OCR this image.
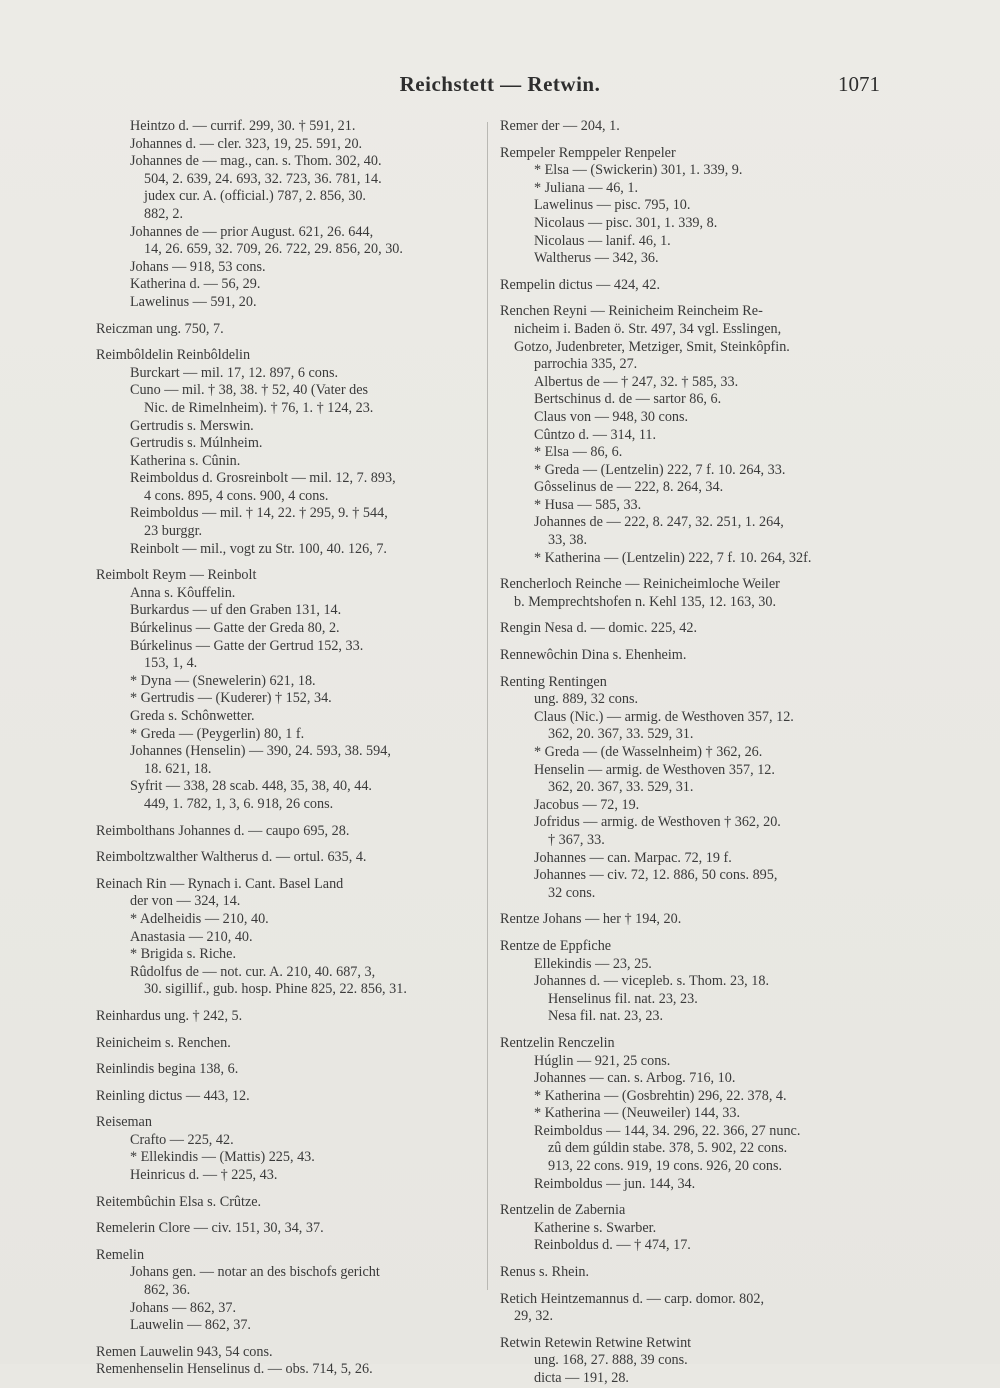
Reichstett — Retwin.	1071
Heintzo d. — currif. 299, 30. † 591, 21.
Johannes d. — cler. 323, 19, 25. 591, 20.
Johannes de — mag., can. s. Thom. 302, 40.
504, 2. 639, 24. 693, 32. 723, 36. 781, 14.
judex cur. A. (official.) 787, 2. 856, 30.
882, 2.
Johannes de — prior August. 621, 26. 644,
14, 26. 659, 32. 709, 26. 722, 29. 856, 20, 30.
Johans — 918, 53 cons.
Katherina d. — 56, 29.
Lawelinus — 591, 20.
Reiczman ung. 750, 7.
Reimbôldelin Reinbôldelin
Burckart — mil. 17, 12. 897, 6 cons.
Cuno — mil. † 38, 38. † 52, 40 (Vater des
Nic. de Rimelnheim). † 76, 1. † 124, 23.
Gertrudis s. Merswin.
Gertrudis s. Múlnheim.
Katherina s. Cûnin.
Reimboldus d. Grosreinbolt — mil. 12, 7. 893,
4 cons. 895, 4 cons. 900, 4 cons.
Reimboldus — mil. † 14, 22. † 295, 9. † 544,
23 burggr.
Reinbolt — mil., vogt zu Str. 100, 40. 126, 7.
Reimbolt Reym — Reinbolt
Anna s. Kôuffelin.
Burkardus — uf den Graben 131, 14.
Búrkelinus — Gatte der Greda 80, 2.
Búrkelinus — Gatte der Gertrud 152, 33.
153, 1, 4.
* Dyna — (Snewelerin) 621, 18.
* Gertrudis — (Kuderer) † 152, 34.
Greda s. Schônwetter.
* Greda — (Peygerlin) 80, 1 f.
Johannes (Henselin) — 390, 24. 593, 38. 594,
18. 621, 18.
Syfrit — 338, 28 scab. 448, 35, 38, 40, 44.
449, 1. 782, 1, 3, 6. 918, 26 cons.
Reimbolthans Johannes d. — caupo 695, 28.
Reimboltzwalther Waltherus d. — ortul. 635, 4.
Reinach Rin — Rynach i. Cant. Basel Land
der von — 324, 14.
* Adelheidis — 210, 40.
Anastasia — 210, 40.
* Brigida s. Riche.
Rûdolfus de — not. cur. A. 210, 40. 687, 3,
30. sigillif., gub. hosp. Phine 825, 22. 856, 31.
Reinhardus ung. † 242, 5.
Reinicheim s. Renchen.
Reinlindis begina 138, 6.
Reinling dictus — 443, 12.
Reiseman
Crafto — 225, 42.
* Ellekindis — (Mattis) 225, 43.
Heinricus d. — † 225, 43.
Reitembûchin Elsa s. Crûtze.
Remelerin Clore — civ. 151, 30, 34, 37.
Remelin
Johans gen. — notar an des bischofs gericht
862, 36.
Johans — 862, 37.
Lauwelin — 862, 37.
Remen Lauwelin 943, 54 cons.
Remenhenselin Henselinus d. — obs. 714, 5, 26.
Remer der — 204, 1.
Rempeler Remppeler Renpeler
* Elsa — (Swickerin) 301, 1. 339, 9.
* Juliana — 46, 1.
Lawelinus — pisc. 795, 10.
Nicolaus — pisc. 301, 1. 339, 8.
Nicolaus — lanif. 46, 1.
Waltherus — 342, 36.
Rempelin dictus — 424, 42.
Renchen Reyni — Reinicheim Reincheim Re-
nicheim i. Baden ö. Str. 497, 34 vgl. Esslingen,
Gotzo, Judenbreter, Metziger, Smit, Steinkôpfin.
parrochia 335, 27.
Albertus de — † 247, 32. † 585, 33.
Bertschinus d. de — sartor 86, 6.
Claus von — 948, 30 cons.
Cûntzo d. — 314, 11.
* Elsa — 86, 6.
* Greda — (Lentzelin) 222, 7 f. 10. 264, 33.
Gôsselinus de — 222, 8. 264, 34.
* Husa — 585, 33.
Johannes de — 222, 8. 247, 32. 251, 1. 264,
33, 38.
* Katherina — (Lentzelin) 222, 7 f. 10. 264, 32f.
Rencherloch Reinche — Reinicheimloche Weiler
b. Memprechtshofen n. Kehl 135, 12. 163, 30.
Rengin Nesa d. — domic. 225, 42.
Rennewôchin Dina s. Ehenheim.
Renting Rentingen
ung. 889, 32 cons.
Claus (Nic.) — armig. de Westhoven 357, 12.
362, 20. 367, 33. 529, 31.
* Greda — (de Wasselnheim) † 362, 26.
Henselin — armig. de Westhoven 357, 12.
362, 20. 367, 33. 529, 31.
Jacobus — 72, 19.
Jofridus — armig. de Westhoven † 362, 20.
† 367, 33.
Johannes — can. Marpac. 72, 19 f.
Johannes — civ. 72, 12. 886, 50 cons. 895,
32 cons.
Rentze Johans — her † 194, 20.
Rentze de Eppfiche
Ellekindis — 23, 25.
Johannes d. — vicepleb. s. Thom. 23, 18.
Henselinus fil. nat. 23, 23.
Nesa fil. nat. 23, 23.
Rentzelin Renczelin
Húglin — 921, 25 cons.
Johannes — can. s. Arbog. 716, 10.
* Katherina — (Gosbrehtin) 296, 22. 378, 4.
* Katherina — (Neuweiler) 144, 33.
Reimboldus — 144, 34. 296, 22. 366, 27 nunc.
zû dem gúldin stabe. 378, 5. 902, 22 cons.
913, 22 cons. 919, 19 cons. 926, 20 cons.
Reimboldus — jun. 144, 34.
Rentzelin de Zabernia
Katherine s. Swarber.
Reinboldus d. — † 474, 17.
Renus s. Rhein.
Retich Heintzemannus d. — carp. domor. 802,
29, 32.
Retwin Retewin Retwine Retwint
ung. 168, 27. 888, 39 cons.
dicta — 191, 28.
